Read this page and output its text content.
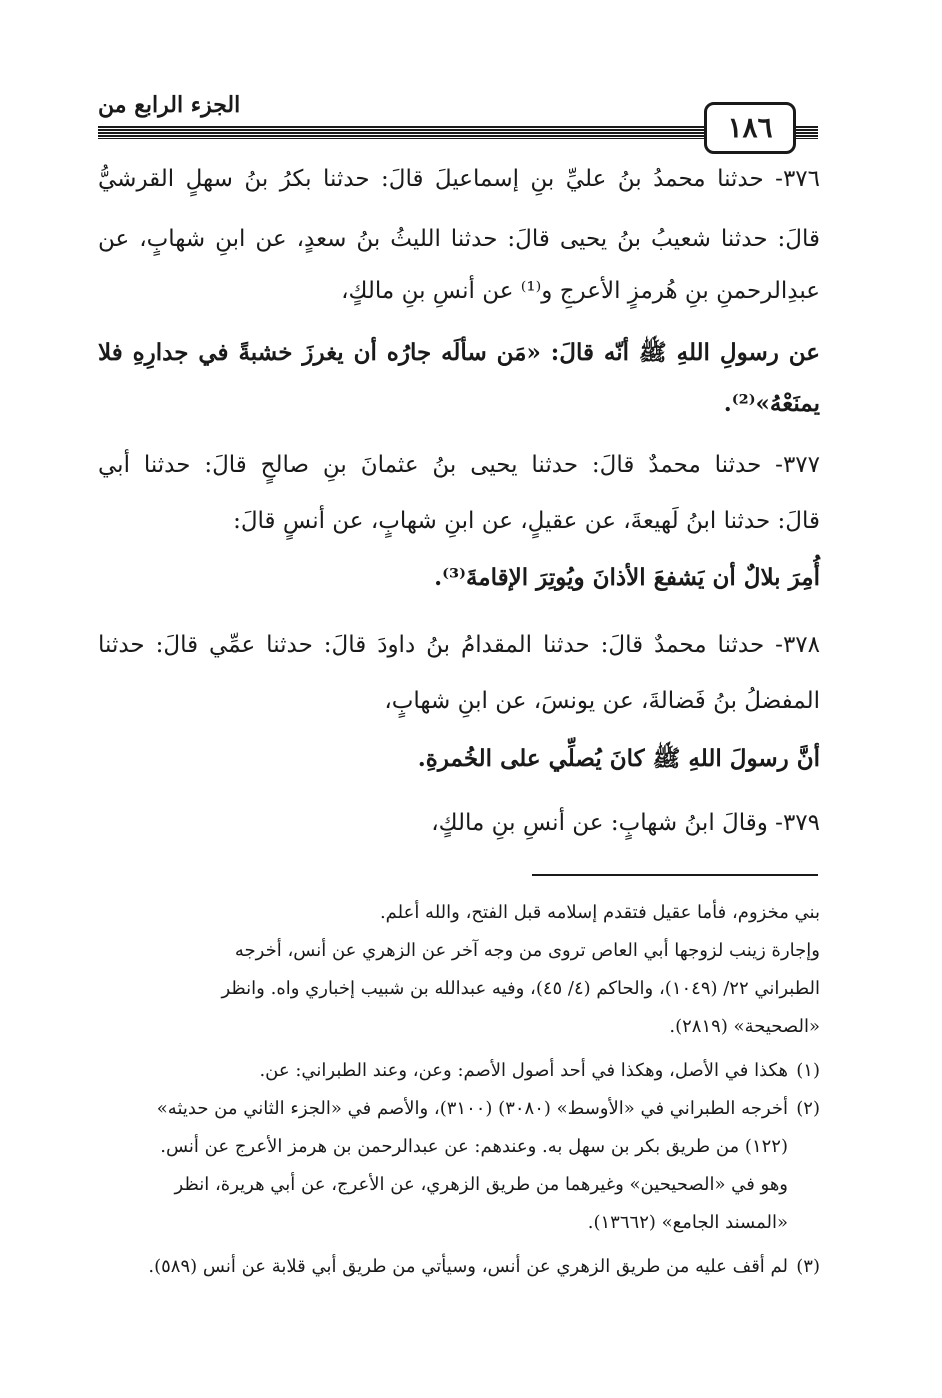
الجزء الرابع من
١٨٦
٣٧٦- حدثنا محمدُ بنُ عليِّ بنِ إسماعيلَ قالَ: حدثنا بكرُ بنُ سهلٍ القرشيُّ
قالَ: حدثنا شعيبُ بنُ يحيى قالَ: حدثنا الليثُ بنُ سعدٍ، عن ابنِ شهابٍ، عن
عبدِالرحمنِ بنِ هُرمزٍ الأعرجِ و⁽¹⁾ عن أنسِ بنِ مالكٍ،
عن رسولِ اللهِ ﷺ أنّه قالَ: «مَن سألَه جارُه أن يغرزَ خشبةً في جدارِهِ فلا
يمنَعْهُ»⁽²⁾.
٣٧٧- حدثنا محمدٌ قالَ: حدثنا يحيى بنُ عثمانَ بنِ صالحٍ قالَ: حدثنا أبي
قالَ: حدثنا ابنُ لَهيعةَ، عن عقيلٍ، عن ابنِ شهابٍ، عن أنسٍ قالَ:
أُمِرَ بلالٌ أن يَشفعَ الأذانَ ويُوتِرَ الإقامةَ⁽³⁾.
٣٧٨- حدثنا محمدٌ قالَ: حدثنا المقدامُ بنُ داودَ قالَ: حدثنا عمِّي قالَ: حدثنا
المفضلُ بنُ فَضالةَ، عن يونسَ، عن ابنِ شهابٍ،
أنَّ رسولَ اللهِ ﷺ كانَ يُصلِّي على الخُمرةِ.
٣٧٩- وقالَ ابنُ شهابٍ: عن أنسِ بنِ مالكٍ،
بني مخزوم، فأما عقيل فتقدم إسلامه قبل الفتح، والله أعلم.
وإجارة زينب لزوجها أبي العاص تروى من وجه آخر عن الزهري عن أنس، أخرجه
الطبراني ٢٢/ (١٠٤٩)، والحاكم (٤/ ٤٥)، وفيه عبدالله بن شبيب إخباري واه. وانظر
«الصحيحة» (٢٨١٩).
(١)هكذا في الأصل، وهكذا في أحد أصول الأصم: وعن، وعند الطبراني: عن.
(٢)أخرجه الطبراني في «الأوسط» (٣٠٨٠) (٣١٠٠)، والأصم في «الجزء الثاني من حديثه»
(١٢٢) من طريق بكر بن سهل به. وعندهم: عن عبدالرحمن بن هرمز الأعرج عن أنس.
وهو في «الصحيحين» وغيرهما من طريق الزهري، عن الأعرج، عن أبي هريرة، انظر
«المسند الجامع» (١٣٦٦٢).
(٣)لم أقف عليه من طريق الزهري عن أنس، وسيأتي من طريق أبي قلابة عن أنس (٥٨٩).
